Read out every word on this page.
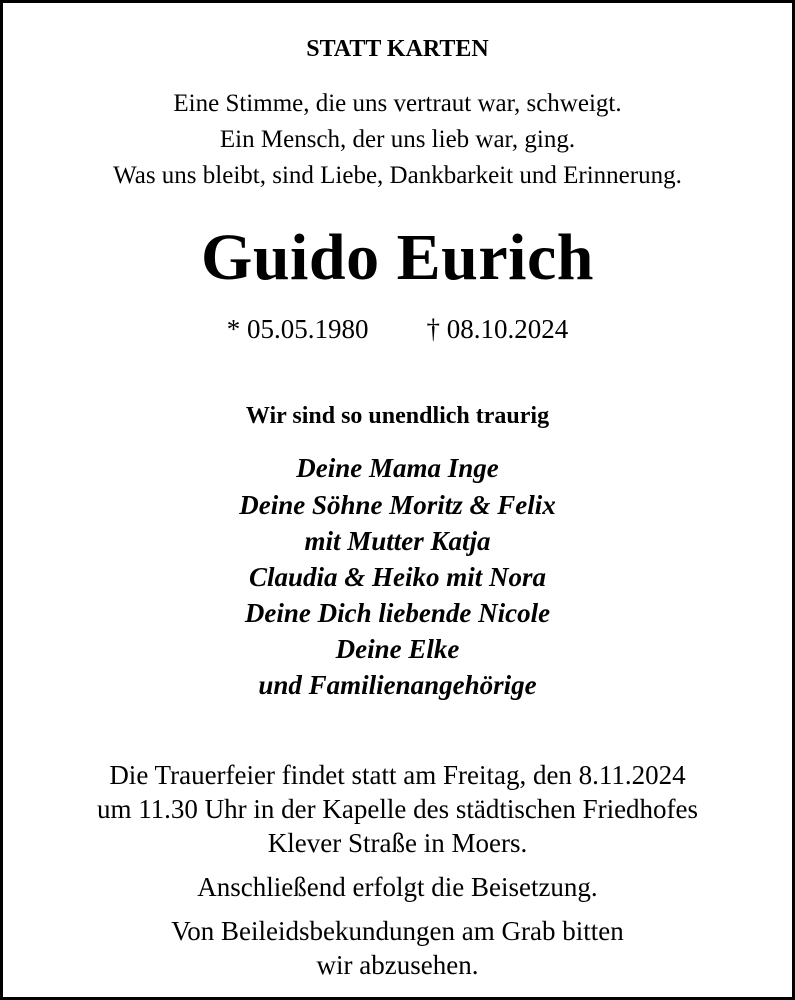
STATT KARTEN
Eine Stimme, die uns vertraut war, schweigt.
Ein Mensch, der uns lieb war, ging.
Was uns bleibt, sind Liebe, Dankbarkeit und Erinnerung.
Guido Eurich
* 05.05.1980 † 08.10.2024
Wir sind so unendlich traurig
Deine Mama Inge
Deine Söhne Moritz & Felix
mit Mutter Katja
Claudia & Heiko mit Nora
Deine Dich liebende Nicole
Deine Elke
und Familienangehörige
Die Trauerfeier findet statt am Freitag, den 8.11.2024
um 11.30 Uhr in der Kapelle des städtischen Friedhofes
Klever Straße in Moers.
Anschließend erfolgt die Beisetzung.
Von Beileidsbekundungen am Grab bitten
wir abzusehen.
